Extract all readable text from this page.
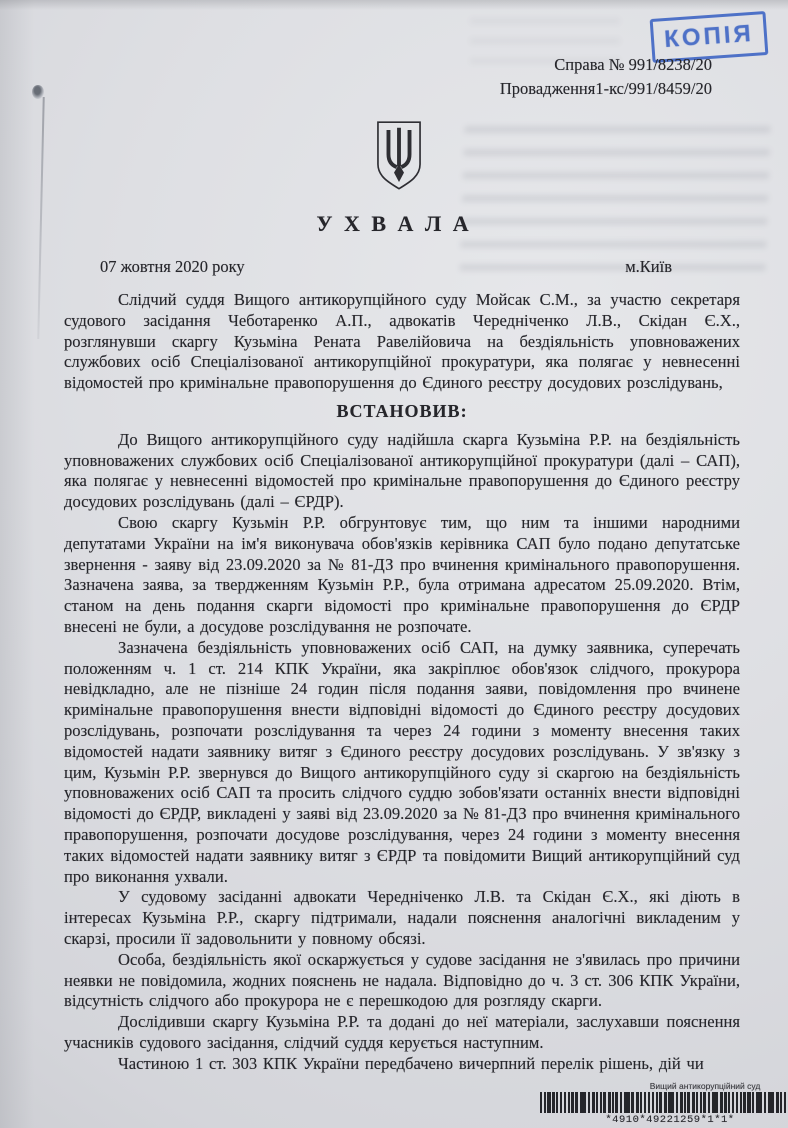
КОПІЯ
Справа № 991/8238/20
Провадження1-кс/991/8459/20
У Х В А Л А
07 жовтня 2020 року	м.Київ

Слідчий суддя Вищого антикорупційного суду Мойсак С.М., за участю секретаря судового засідання Чеботаренко А.П., адвокатів Чередніченко Л.В., Скідан Є.Х., розглянувши скаргу Кузьміна Рената Равелійовича на бездіяльність уповноважених службових осіб Спеціалізованої антикорупційної прокуратури, яка полягає у невнесенні відомостей про кримінальне правопорушення до Єдиного реєстру досудових розслідувань,

ВСТАНОВИВ:

До Вищого антикорупційного суду надійшла скарга Кузьміна Р.Р. на бездіяльність уповноважених службових осіб Спеціалізованої антикорупційної прокуратури (далі – САП), яка полягає у невнесенні відомостей про кримінальне правопорушення до Єдиного реєстру досудових розслідувань (далі – ЄРДР).

Свою скаргу Кузьмін Р.Р. обгрунтовує тим, що ним та іншими народними депутатами України на ім'я виконувача обов'язків керівника САП було подано депутатське звернення - заяву від 23.09.2020 за № 81-ДЗ про вчинення кримінального правопорушення. Зазначена заява, за твердженням Кузьмін Р.Р., була отримана адресатом 25.09.2020. Втім, станом на день подання скарги відомості про кримінальне правопорушення до ЄРДР внесені не були, а досудове розслідування не розпочате.

Зазначена бездіяльність уповноважених осіб САП, на думку заявника, суперечать положенням ч. 1 ст. 214 КПК України, яка закріплює обов'язок слідчого, прокурора невідкладно, але не пізніше 24 годин після подання заяви, повідомлення про вчинене кримінальне правопорушення внести відповідні відомості до Єдиного реєстру досудових розслідувань, розпочати розслідування та через 24 години з моменту внесення таких відомостей надати заявнику витяг з Єдиного реєстру досудових розслідувань. У зв'язку з цим, Кузьмін Р.Р. звернувся до Вищого антикорупційного суду зі скаргою на бездіяльність уповноважених осіб САП та просить слідчого суддю зобов'язати останніх внести відповідні відомості до ЄРДР, викладені у заяві від 23.09.2020 за № 81-ДЗ про вчинення кримінального правопорушення, розпочати досудове розслідування, через 24 години з моменту внесення таких відомостей надати заявнику витяг з ЄРДР та повідомити Вищий антикорупційний суд про виконання ухвали.

У судовому засіданні адвокати Чередніченко Л.В. та Скідан Є.Х., які діють в інтересах Кузьміна Р.Р., скаргу підтримали, надали пояснення аналогічні викладеним у скарзі, просили її задовольнити у повному обсязі.

Особа, бездіяльність якої оскаржується у судове засідання не з'явилась про причини неявки не повідомила, жодних пояснень не надала. Відповідно до ч. 3 ст. 306 КПК України, відсутність слідчого або прокурора не є перешкодою для розгляду скарги.

Дослідивши скаргу Кузьміна Р.Р. та додані до неї матеріали, заслухавши пояснення учасників судового засідання, слідчий суддя керується наступним.

Частиною 1 ст. 303 КПК України передбачено вичерпний перелік рішень, дій чи

Вищий антикорупційний суд
*4910*49221259*1*1*
